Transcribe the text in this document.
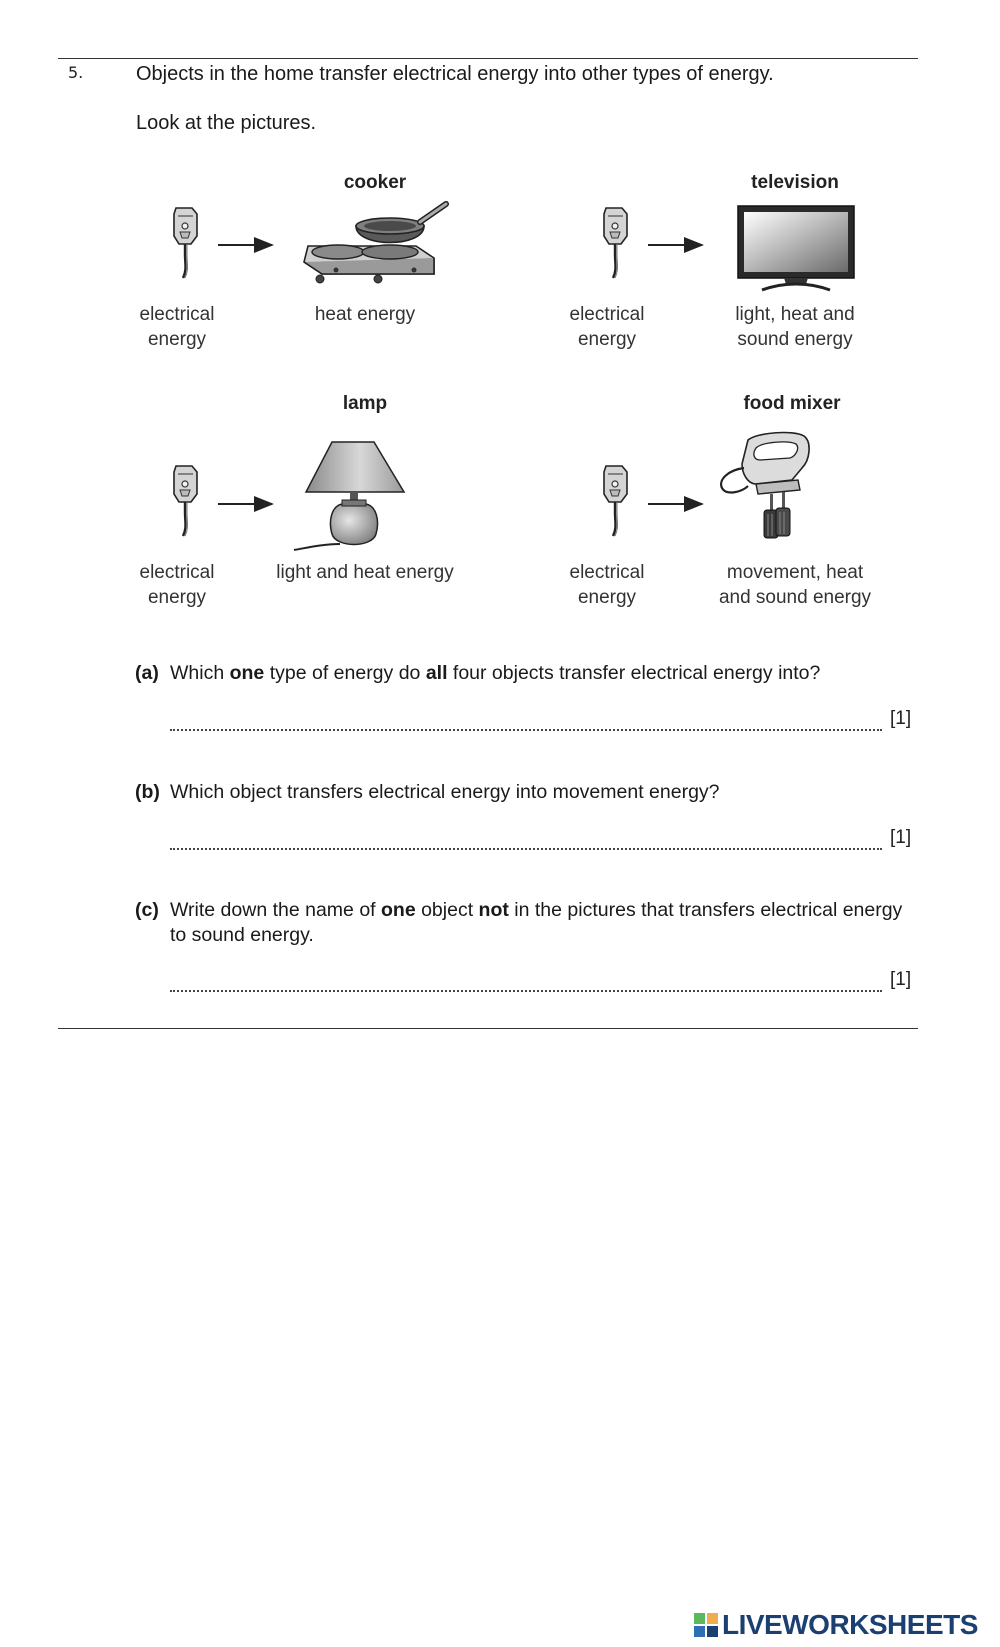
5.	Objects in the home transfer electrical energy into other types of energy.
Look at the pictures.
cooker
electrical
energy
heat energy
television
electrical
energy
light, heat and
sound energy
lamp
electrical
energy
light and heat energy
food mixer
electrical
energy
movement, heat
and sound energy
(a) Which one type of energy do all four objects transfer electrical energy into?
[1]
(b) Which object transfers electrical energy into movement energy?
[1]
(c) Write down the name of one object not in the pictures that transfers electrical energy to sound energy.
[1]
LIVEWORKSHEETS
